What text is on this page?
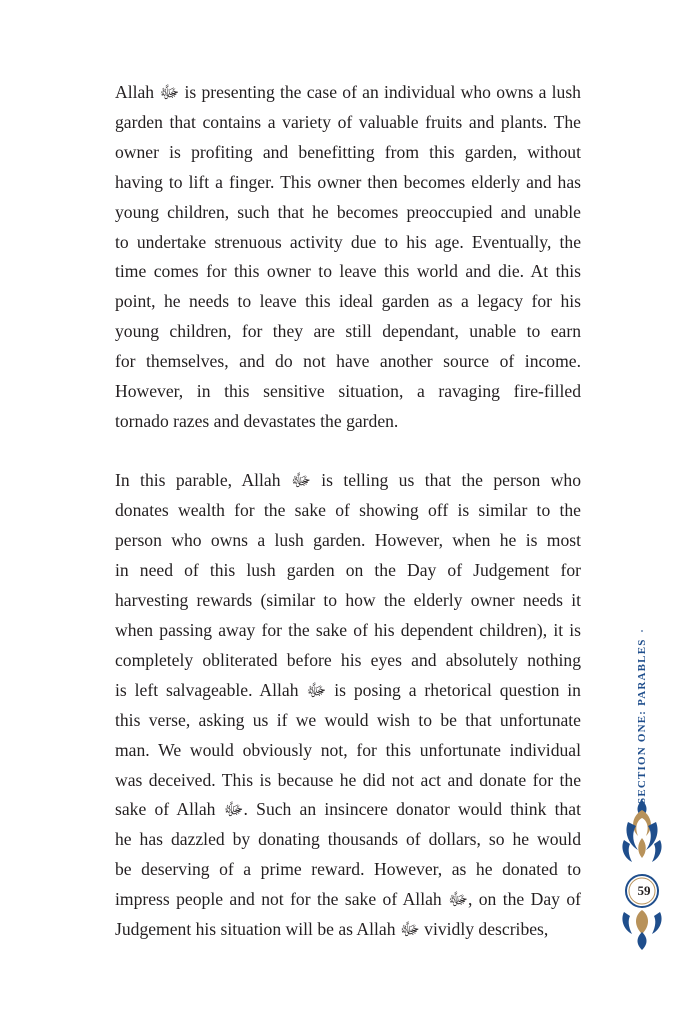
Allah ﷻ is presenting the case of an individual who owns a lush
garden that contains a variety of valuable fruits and plants. The
owner is profiting and benefitting from this garden, without
having to lift a finger. This owner then becomes elderly and has
young children, such that he becomes preoccupied and unable
to undertake strenuous activity due to his age. Eventually, the
time comes for this owner to leave this world and die. At this
point, he needs to leave this ideal garden as a legacy for his
young children, for they are still dependant, unable to earn
for themselves, and do not have another source of income.
However, in this sensitive situation, a ravaging fire-filled
tornado razes and devastates the garden.

In this parable, Allah ﷻ is telling us that the person who
donates wealth for the sake of showing off is similar to the
person who owns a lush garden. However, when he is most
in need of this lush garden on the Day of Judgement for
harvesting rewards (similar to how the elderly owner needs it
when passing away for the sake of his dependent children), it is
completely obliterated before his eyes and absolutely nothing
is left salvageable. Allah ﷻ is posing a rhetorical question in
this verse, asking us if we would wish to be that unfortunate
man. We would obviously not, for this unfortunate individual
was deceived. This is because he did not act and donate for the
sake of Allah ﷻ. Such an insincere donator would think that
he has dazzled by donating thousands of dollars, so he would
be deserving of a prime reward. However, as he donated to
impress people and not for the sake of Allah ﷻ, on the Day of
Judgement his situation will be as Allah ﷻ vividly describes,

SECTION ONE: PARABLES
59
